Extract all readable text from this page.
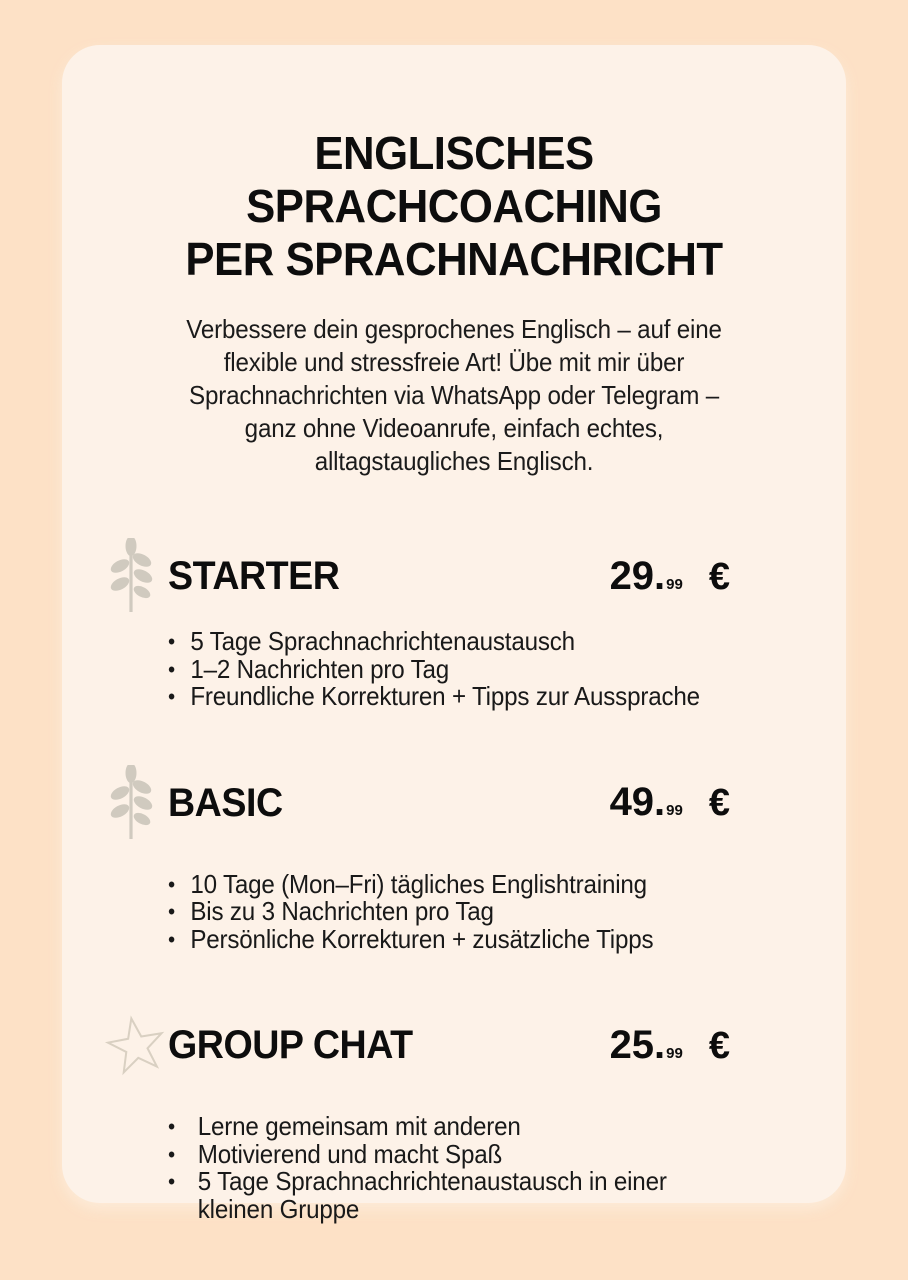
ENGLISCHES
SPRACHCOACHING
PER SPRACHNACHRICHT
Verbessere dein gesprochenes Englisch – auf eine
flexible und stressfreie Art! Übe mit mir über
Sprachnachrichten via WhatsApp oder Telegram –
ganz ohne Videoanrufe, einfach echtes,
alltagstaugliches Englisch.
STARTER	29. 99 €
• 5 Tage Sprachnachrichtenaustausch
• 1–2 Nachrichten pro Tag
• Freundliche Korrekturen + Tipps zur Aussprache
BASIC	49. 99 €
• 10 Tage (Mon–Fri) tägliches Englishtraining
• Bis zu 3 Nachrichten pro Tag
• Persönliche Korrekturen + zusätzliche Tipps
GROUP CHAT	25. 99 €
• Lerne gemeinsam mit anderen
• Motivierend und macht Spaß
• 5 Tage Sprachnachrichtenaustausch in einer kleinen Gruppe
